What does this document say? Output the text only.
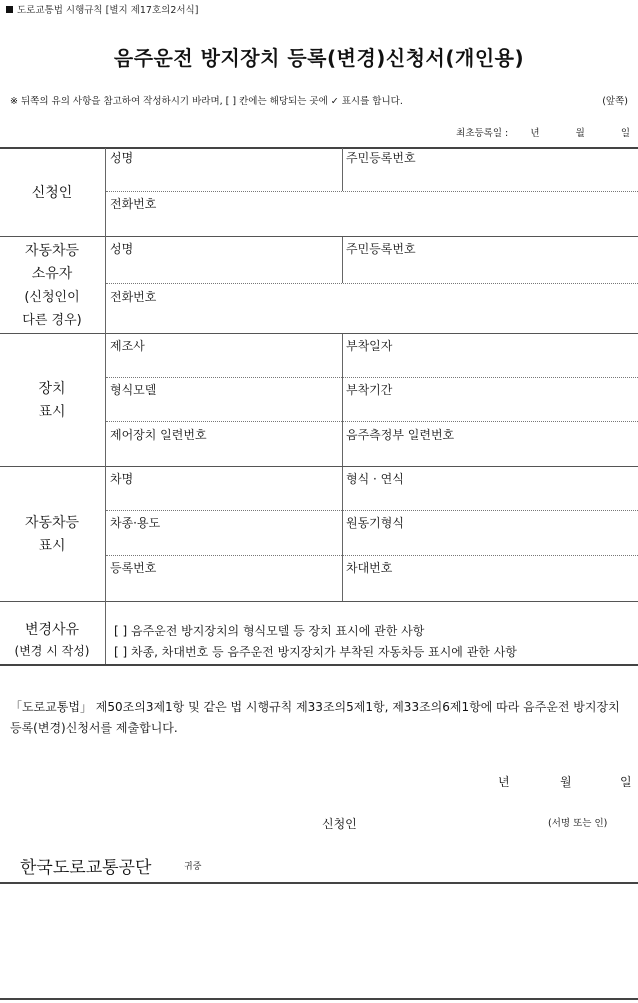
도로교통법 시행규칙 [별지 제17호의2서식]
음주운전 방지장치 등록(변경)신청서(개인용)
※ 뒤쪽의 유의 사항을 참고하여 작성하시기 바라며, [ ] 칸에는 해당되는 곳에 ✓ 표시를 합니다.	(앞쪽)
최초등록일 : 년	월	일
신청인
성명	주민등록번호
전화번호
자동차등
소유자
(신청인이
다른 경우)
성명	주민등록번호
전화번호
장치
표시
제조사	부착일자
형식모델	부착기간
제어장치 일련번호	음주측정부 일련번호
자동차등
표시
차명	형식 · 연식
차종·용도	원동기형식
등록번호	차대번호
변경사유
(변경 시 작성)
[ ] 음주운전 방지장치의 형식모델 등 장치 표시에 관한 사항
[ ] 차종, 차대번호 등 음주운전 방지장치가 부착된 자동차등 표시에 관한 사항
「도로교통법」 제50조의3제1항 및 같은 법 시행규칙 제33조의5제1항, 제33조의6제1항에 따라 음주운전 방지장치 등록(변경)신청서를 제출합니다.
년	월	일
신청인	(서명 또는 인)
한국도로교통공단	귀중
